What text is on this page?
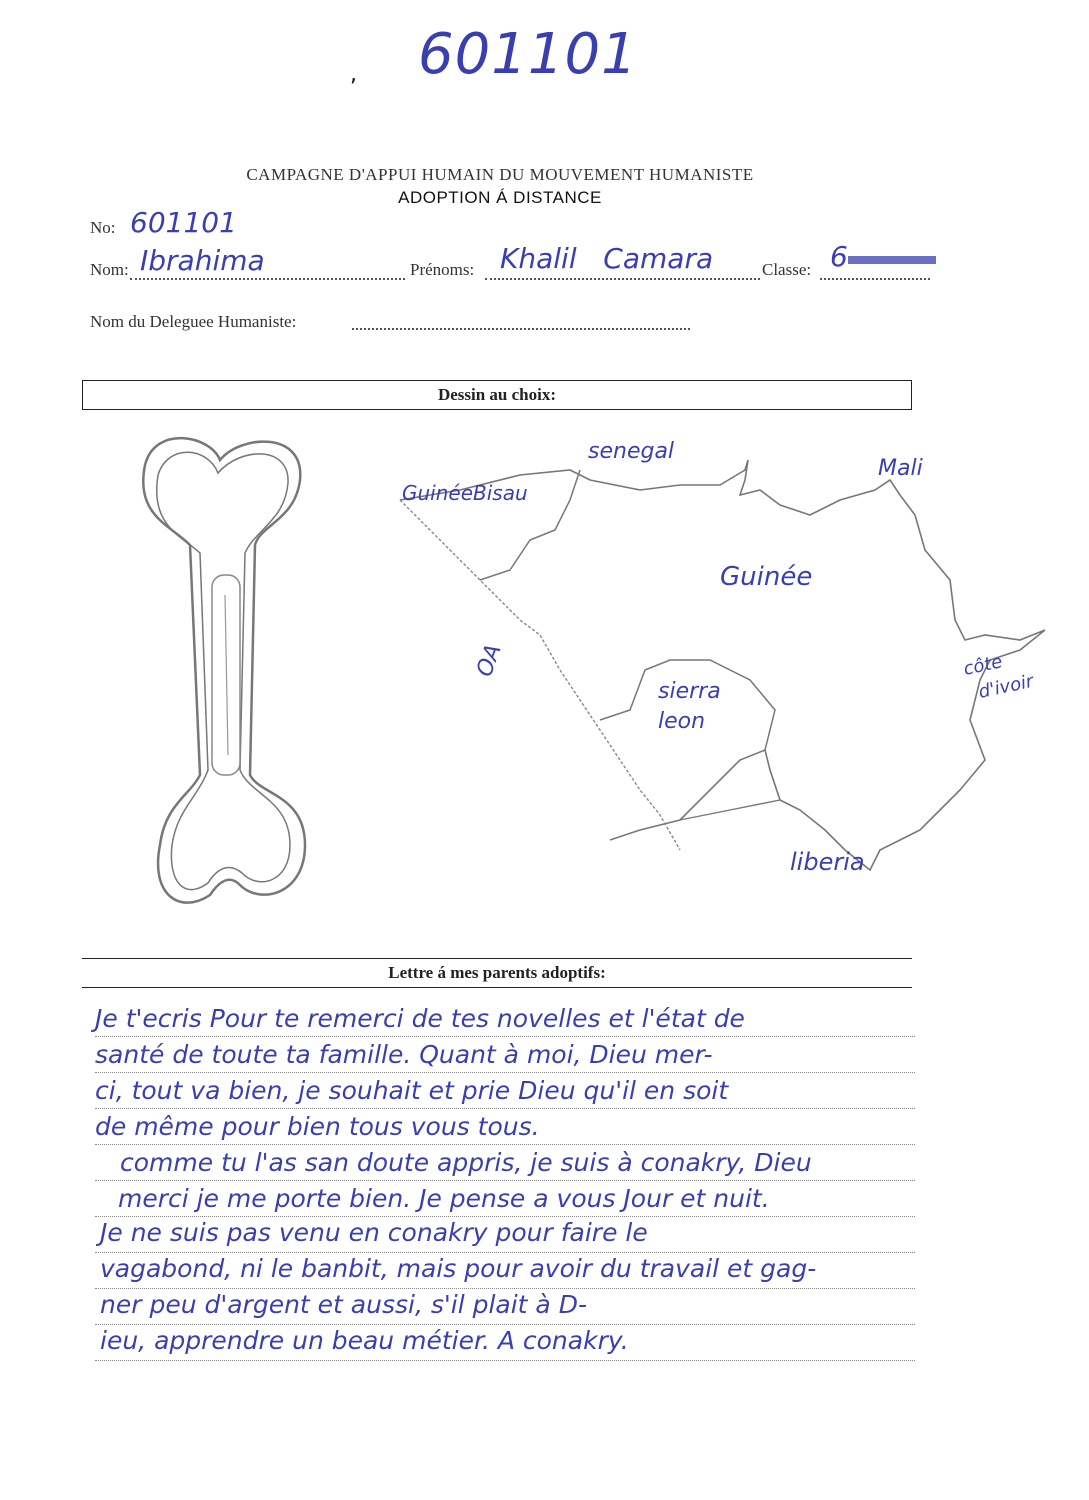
, 601101
CAMPAGNE D'APPUI HUMAIN DU MOUVEMENT HUMANISTE
ADOPTION Á DISTANCE
No: 601101
Nom: Ibrahima	Prénoms: Khalil   Camara	Classe: 6
Nom du Deleguee Humaniste:
Dessin au choix:
senegal
GuinéeBisau
Mali
Guinée
OA
sierra
leon
côte
d'ivoir
liberia
Lettre á mes parents adoptifs:
Je t'ecris Pour te remerci de tes novelles et l'état de
santé de toute ta famille. Quant à moi, Dieu mer-
ci, tout va bien, je souhait et prie Dieu qu'il en soit
de même pour bien tous vous tous.
comme tu l'as san doute appris, je suis à conakry, Dieu
merci je me porte bien. Je pense a vous Jour et nuit.
Je ne suis pas venu en conakry pour faire le
vagabond, ni le banbit, mais pour avoir du travail et gag-
ner peu d'argent et aussi, s'il plait à D-
ieu, apprendre un beau métier. A conakry.
